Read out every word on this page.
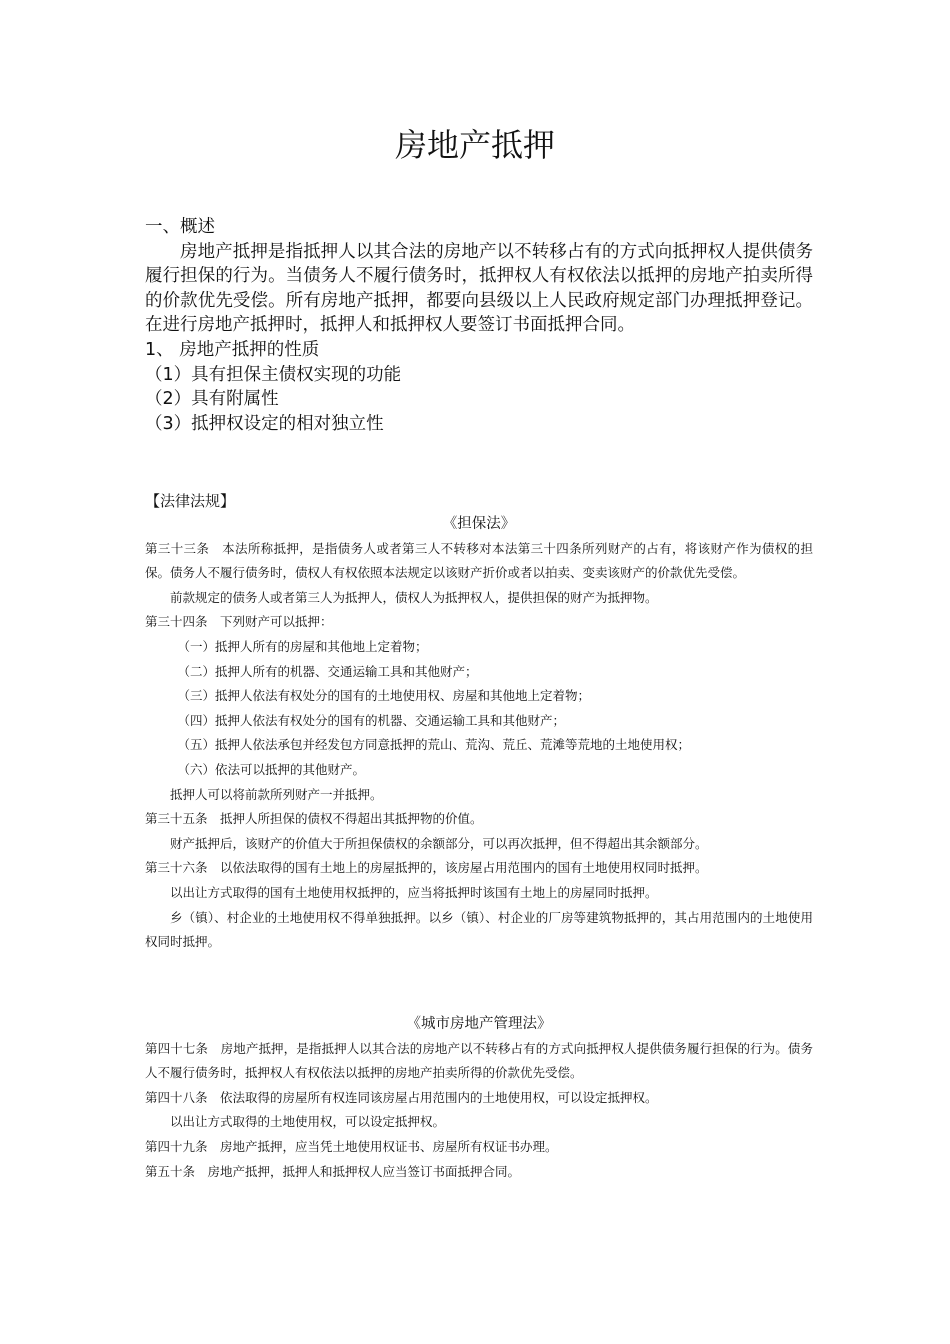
房地产抵押

一、概述

房地产抵押是指抵押人以其合法的房地产以不转移占有的方式向抵押权人提供债务履行担保的行为。当债务人不履行债务时，抵押权人有权依法以抵押的房地产拍卖所得的价款优先受偿。所有房地产抵押，都要向县级以上人民政府规定部门办理抵押登记。在进行房地产抵押时，抵押人和抵押权人要签订书面抵押合同。

1、 房地产抵押的性质

（1）具有担保主债权实现的功能

（2）具有附属性

（3）抵押权设定的相对独立性

【法律法规】

《担保法》

第三十三条　本法所称抵押，是指债务人或者第三人不转移对本法第三十四条所列财产的占有，将该财产作为债权的担保。债务人不履行债务时，债权人有权依照本法规定以该财产折价或者以拍卖、变卖该财产的价款优先受偿。

前款规定的债务人或者第三人为抵押人，债权人为抵押权人，提供担保的财产为抵押物。

第三十四条　下列财产可以抵押：

（一）抵押人所有的房屋和其他地上定着物；

（二）抵押人所有的机器、交通运输工具和其他财产；

（三）抵押人依法有权处分的国有的土地使用权、房屋和其他地上定着物；

（四）抵押人依法有权处分的国有的机器、交通运输工具和其他财产；

（五）抵押人依法承包并经发包方同意抵押的荒山、荒沟、荒丘、荒滩等荒地的土地使用权；

（六）依法可以抵押的其他财产。

抵押人可以将前款所列财产一并抵押。

第三十五条　抵押人所担保的债权不得超出其抵押物的价值。

财产抵押后，该财产的价值大于所担保债权的余额部分，可以再次抵押，但不得超出其余额部分。

第三十六条　以依法取得的国有土地上的房屋抵押的，该房屋占用范围内的国有土地使用权同时抵押。

以出让方式取得的国有土地使用权抵押的，应当将抵押时该国有土地上的房屋同时抵押。

乡（镇）、村企业的土地使用权不得单独抵押。以乡（镇）、村企业的厂房等建筑物抵押的，其占用范围内的土地使用权同时抵押。

《城市房地产管理法》

第四十七条　房地产抵押，是指抵押人以其合法的房地产以不转移占有的方式向抵押权人提供债务履行担保的行为。债务人不履行债务时，抵押权人有权依法以抵押的房地产拍卖所得的价款优先受偿。

第四十八条　依法取得的房屋所有权连同该房屋占用范围内的土地使用权，可以设定抵押权。

以出让方式取得的土地使用权，可以设定抵押权。

第四十九条　房地产抵押，应当凭土地使用权证书、房屋所有权证书办理。

第五十条　房地产抵押，抵押人和抵押权人应当签订书面抵押合同。
